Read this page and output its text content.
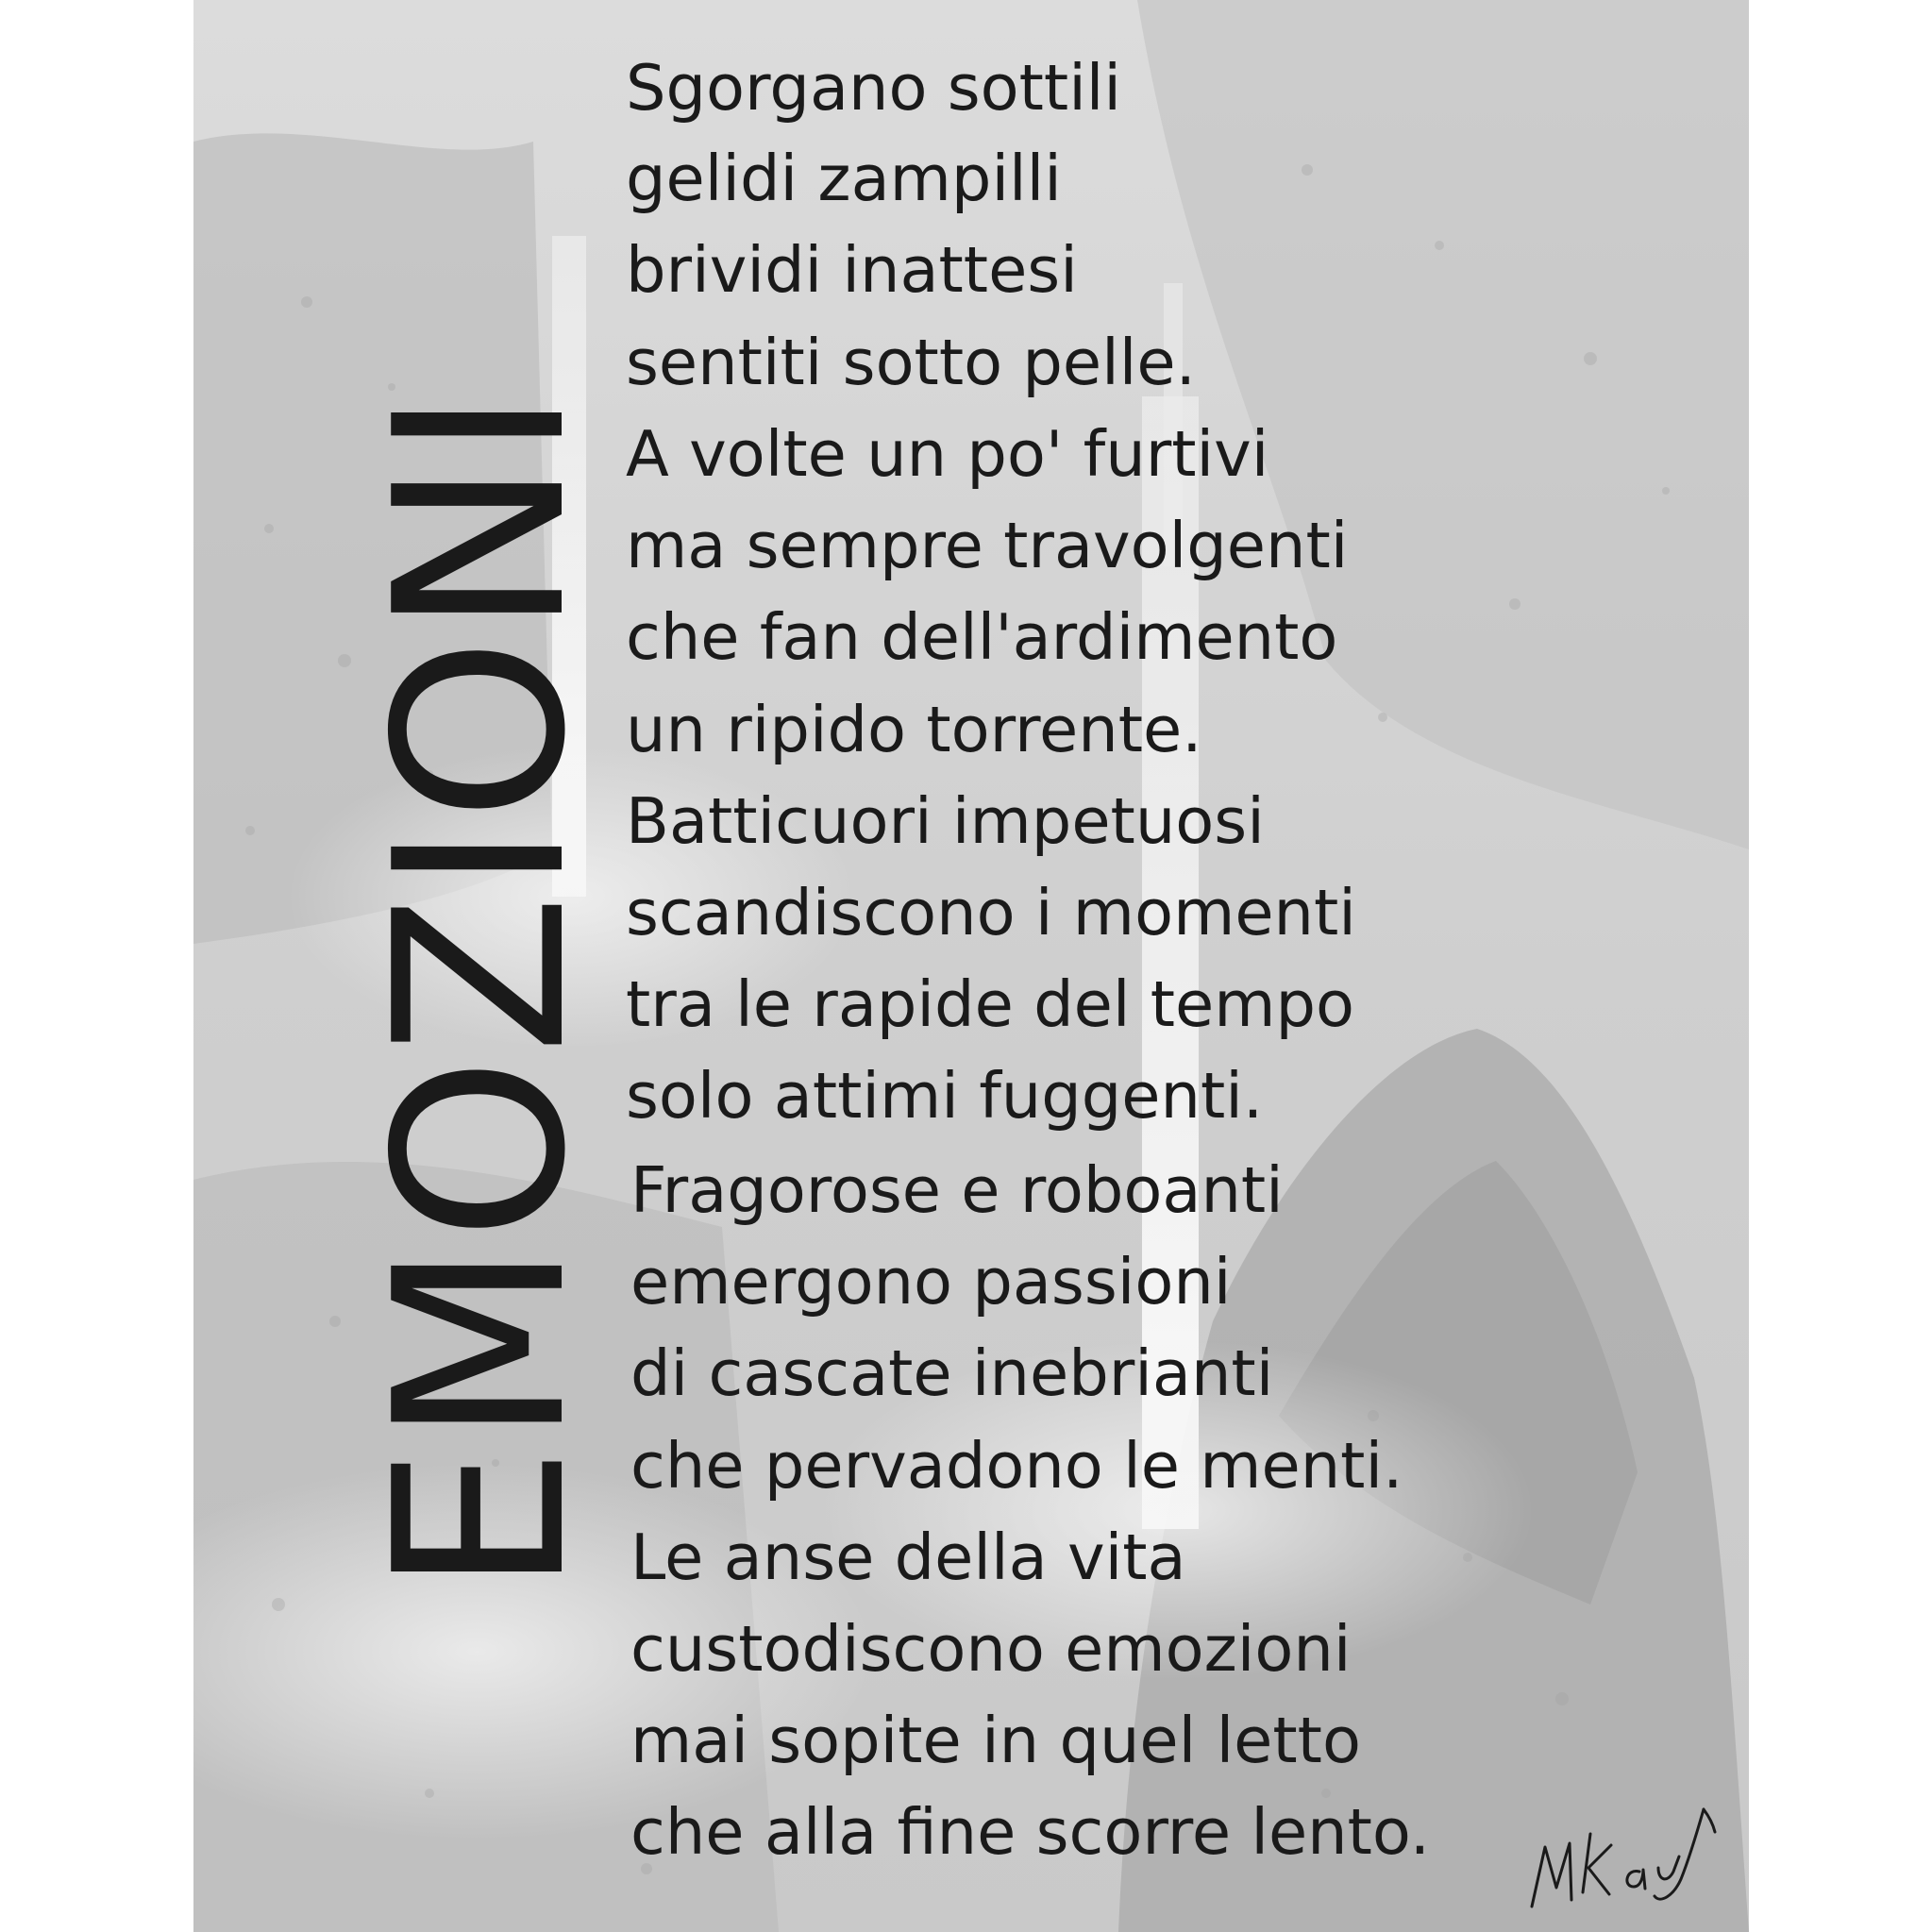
EMOZIONI
Sgorgano sottili
gelidi zampilli
brividi inattesi
sentiti sotto pelle.
A volte un po' furtivi
ma sempre travolgenti
che fan dell'ardimento
un ripido torrente.
Batticuori impetuosi
scandiscono i momenti
tra le rapide del tempo
solo attimi fuggenti.
Fragorose e roboanti
emergono passioni
di cascate inebrianti
che pervadono le menti.
Le anse della vita
custodiscono emozioni
mai sopite in quel letto
che alla fine scorre lento.
